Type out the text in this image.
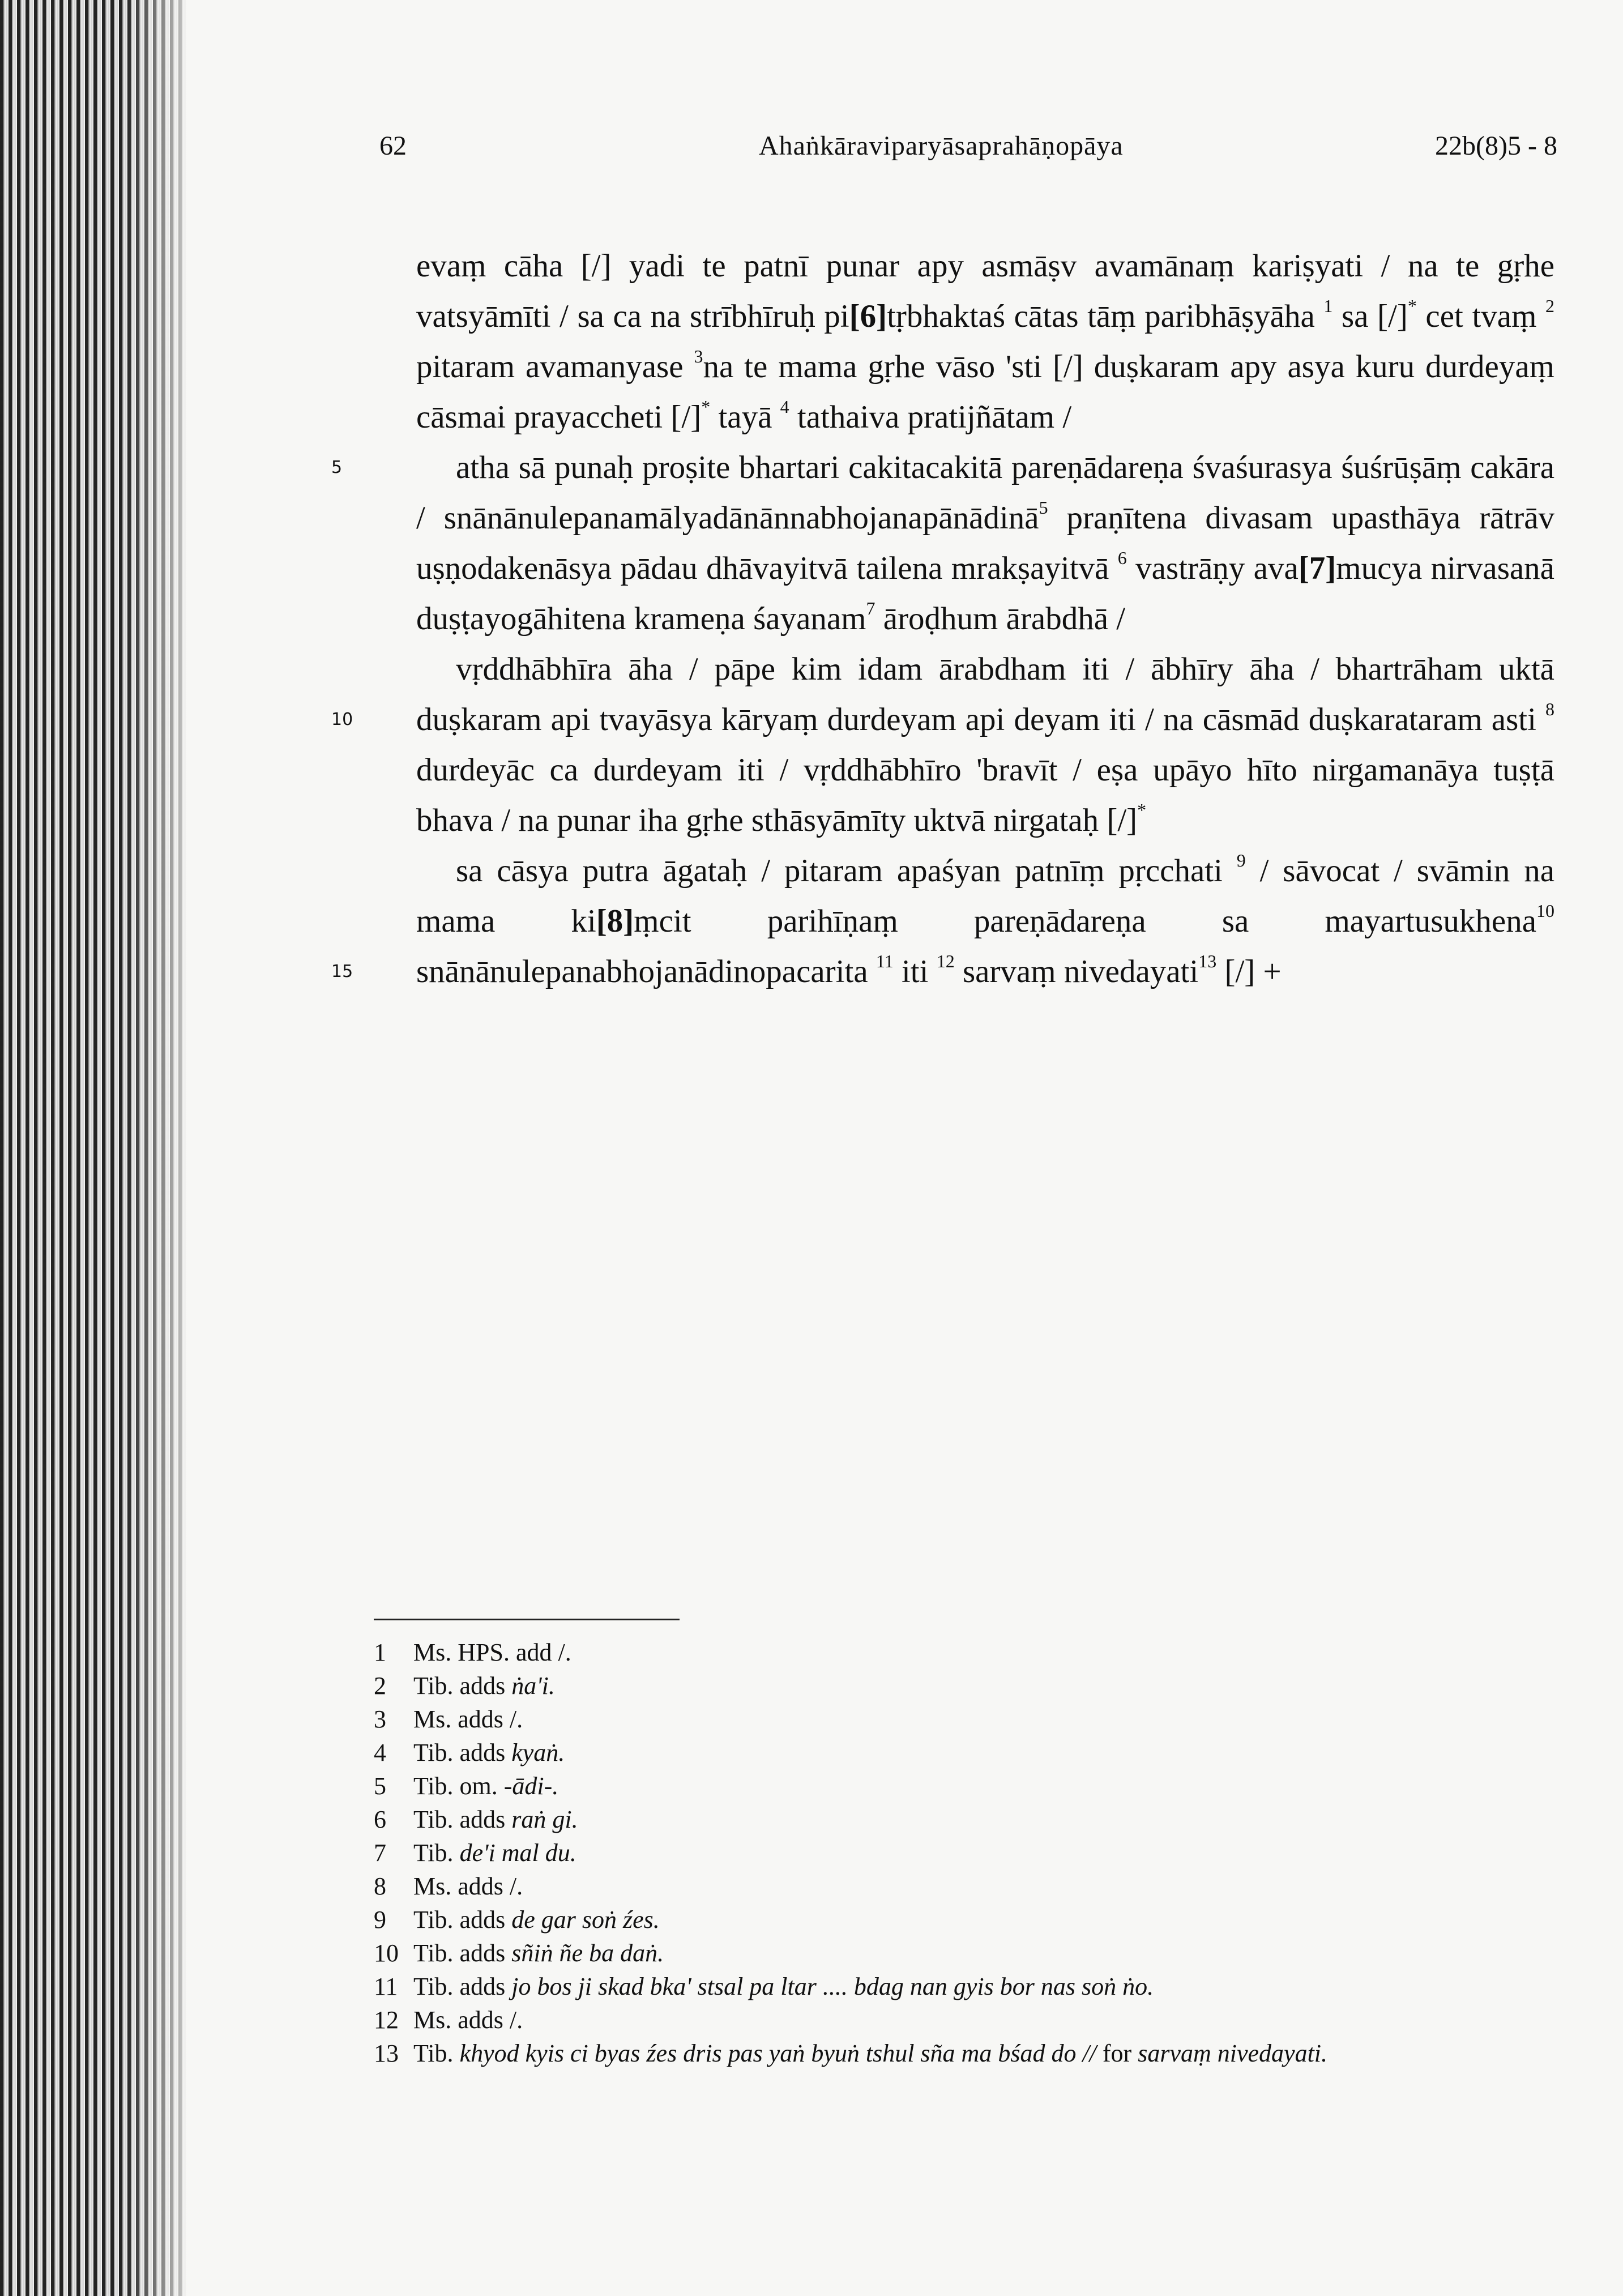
62	Ahaṅkāraviparyāsaprahāṇopāya	22b(8)5 - 8
5
10
15
evaṃ cāha [/] yadi te patnī punar apy asmāṣv avamānaṃ kariṣyati / na te gṛhe vatsyāmīti / sa ca na strībhīruḥ pi[6]tṛbhaktaś cātas tāṃ paribhāṣyāha $^1$ sa [/]* cet tvaṃ $^2$ pitaram avamanyase $^3$na te mama gṛhe vāso 'sti [/] duṣkaram apy asya kuru durdeyaṃ cāsmai prayaccheti [/]* tayā $^4$ tathaiva pratijñātam /
atha sā punaḥ proṣite bhartari cakitacakitā pareṇādareṇa śvaśurasya śuśrūṣāṃ cakāra / snānānulepanamālyadānānnabhojanapānādinā$^5$ praṇītena divasam upasthāya rātrāv uṣṇodakenāsya pādau dhāvayitvā tailena mrakṣayitvā $^6$ vastrāṇy ava[7]mucya nirvasanā duṣṭayogāhitena krameṇa śayanam$^7$ āroḍhum ārabdhā /
vṛddhābhīra āha / pāpe kim idam ārabdham iti / ābhīry āha / bhartrāham uktā duṣkaram api tvayāsya kāryaṃ durdeyam api deyam iti / na cāsmād duṣkarataram asti $^8$ durdeyāc ca durdeyam iti / vṛddhābhīro 'bravīt / eṣa upāyo hīto nirgamanāya tuṣṭā bhava / na punar iha gṛhe sthāsyāmīty uktvā nirgataḥ [/]*
sa cāsya putra āgataḥ / pitaram apaśyan patnīṃ pṛcchati $^9$ / sāvocat / svāmin na mama ki[8]ṃcit parihīṇaṃ pareṇādareṇa sa mayartusukhena$^{10}$ snānānulepanabhojanādinopacarita $^{11}$ iti $^{12}$ sarvaṃ nivedayati$^{13}$ [/] +
1	Ms. HPS. add /.
2	Tib. adds ṅa'i.
3	Ms. adds /.
4	Tib. adds kyaṅ.
5	Tib. om. -ādi-.
6	Tib. adds raṅ gi.
7	Tib. de'i mal du.
8	Ms. adds /.
9	Tib. adds de gar soṅ źes.
10 Tib. adds sñiṅ ñe ba daṅ.
11 Tib. adds jo bos ji skad bka' stsal pa ltar .... bdag nan gyis bor nas soṅ ṅo.
12 Ms. adds /.
13 Tib. khyod kyis ci byas źes dris pas yaṅ byuṅ tshul sña ma bśad do // for sarvaṃ nivedayati.
